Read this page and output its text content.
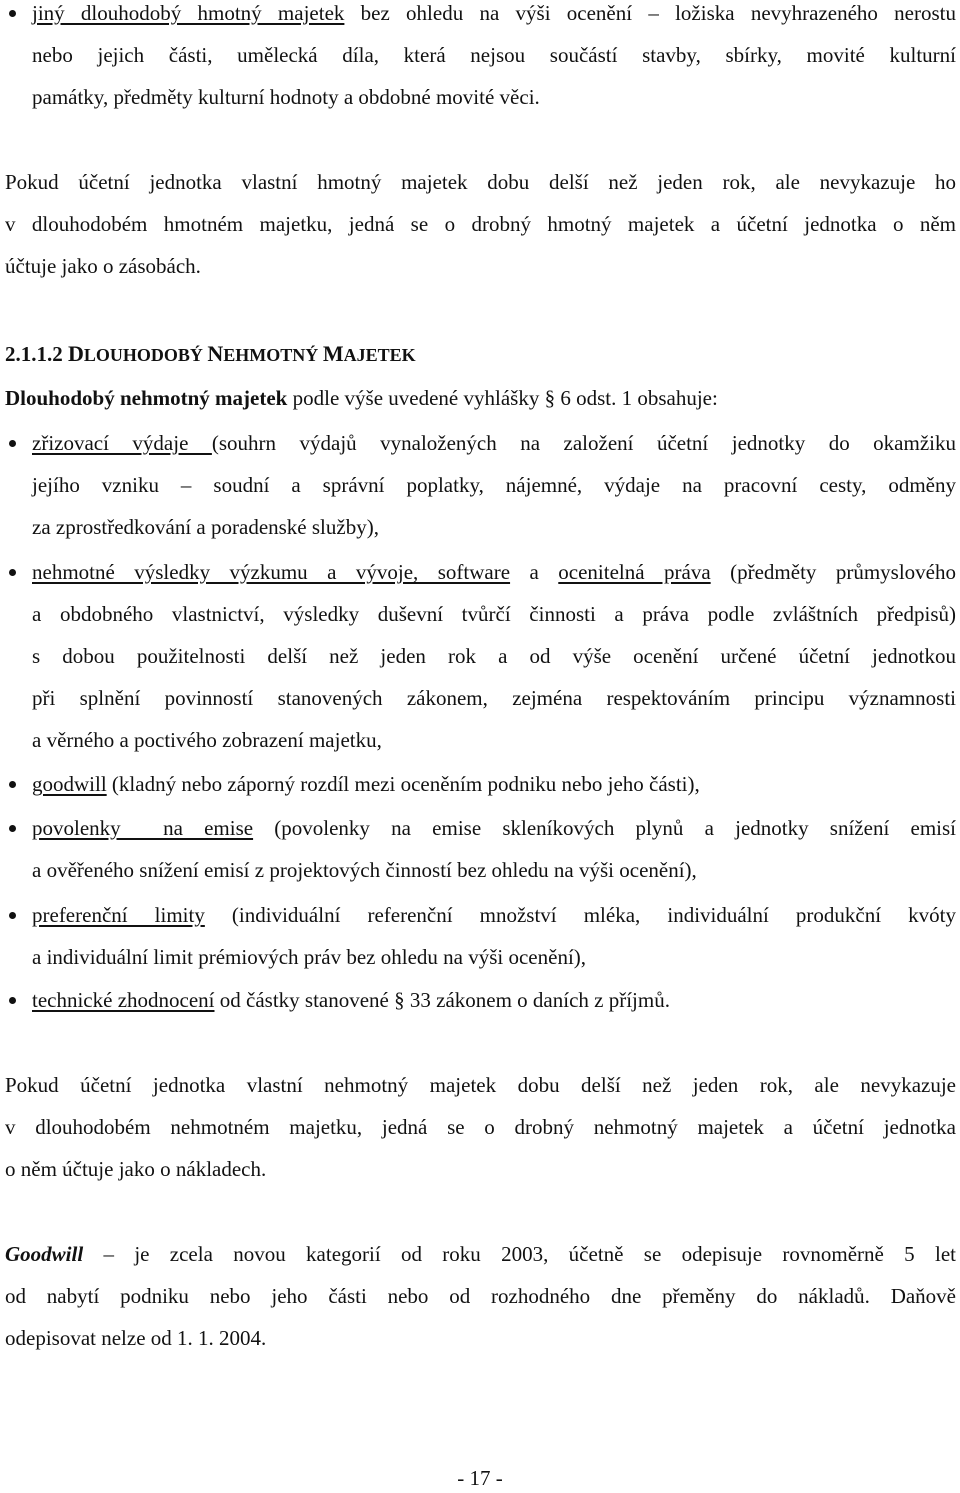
jiný dlouhodobý hmotný majetek bez ohledu na výši ocenění – ložiska nevyhrazeného nerostu
nebo jejich části, umělecká díla, která nejsou součástí stavby, sbírky, movité kulturní
památky, předměty kulturní hodnoty a obdobné movité věci.
Pokud účetní jednotka vlastní hmotný majetek dobu delší než jeden rok, ale nevykazuje ho
v dlouhodobém hmotném majetku, jedná se o drobný hmotný majetek a účetní jednotka o něm
účtuje jako o zásobách.
2.1.1.2 DLOUHODOBÝ NEHMOTNÝ MAJETEK
Dlouhodobý nehmotný majetek podle výše uvedené vyhlášky § 6 odst. 1 obsahuje:
zřizovací výdaje (souhrn výdajů vynaložených na založení účetní jednotky do okamžiku
jejího vzniku – soudní a správní poplatky, nájemné, výdaje na pracovní cesty, odměny
za zprostředkování a poradenské služby),
nehmotné výsledky výzkumu a vývoje, software a ocenitelná práva (předměty průmyslového
a obdobného vlastnictví, výsledky duševní tvůrčí činnosti a práva podle zvláštních předpisů)
s dobou použitelnosti delší než jeden rok a od výše ocenění určené účetní jednotkou
při splnění povinností stanovených zákonem, zejména respektováním principu významnosti
a věrného a poctivého zobrazení majetku,
goodwill (kladný nebo záporný rozdíl mezi oceněním podniku nebo jeho části),
povolenky  na emise (povolenky na emise skleníkových plynů a jednotky snížení emisí
a ověřeného snížení emisí z projektových činností bez ohledu na výši ocenění),
preferenční limity (individuální referenční množství mléka, individuální produkční kvóty
a individuální limit prémiových práv bez ohledu na výši ocenění),
technické zhodnocení od částky stanovené § 33 zákonem o daních z příjmů.
Pokud účetní jednotka vlastní nehmotný majetek dobu delší než jeden rok, ale nevykazuje
v dlouhodobém nehmotném majetku, jedná se o drobný nehmotný majetek a účetní jednotka
o něm účtuje jako o nákladech.
Goodwill – je zcela novou kategorií od roku 2003, účetně se odepisuje rovnoměrně 5 let
od nabytí podniku nebo jeho části nebo od rozhodného dne přeměny do nákladů. Daňově
odepisovat nelze od 1. 1. 2004.
- 17 -
